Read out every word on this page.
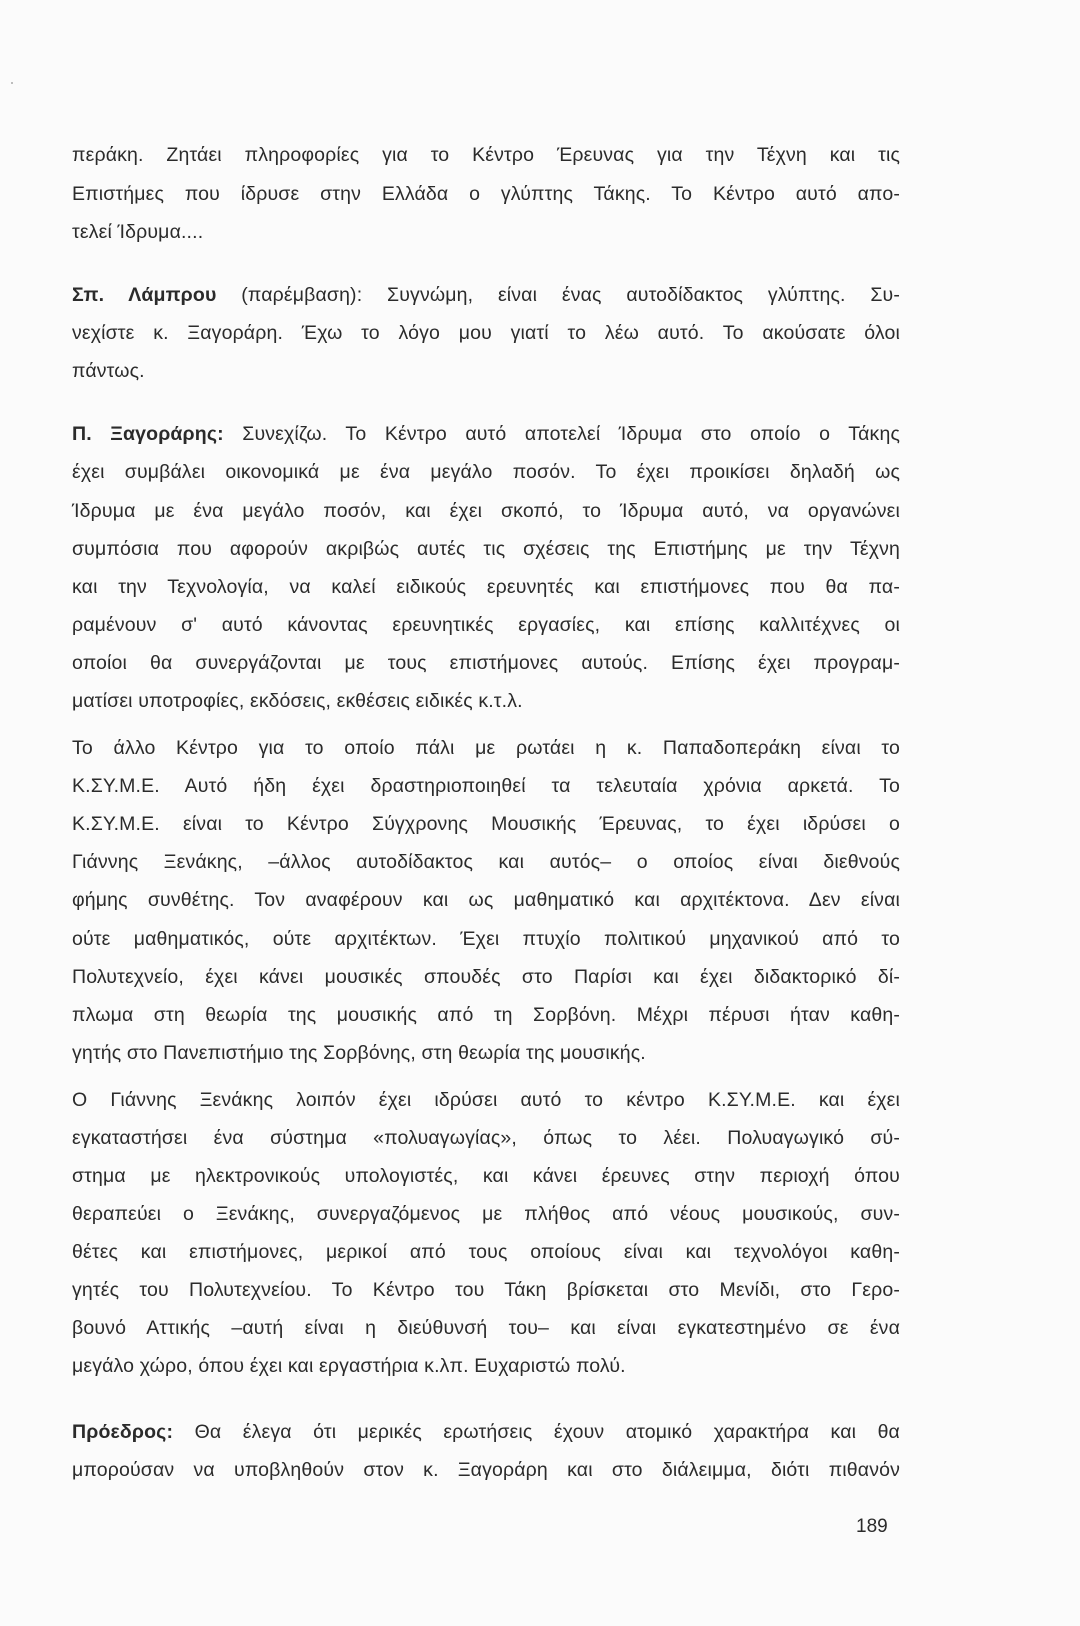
περάκη. Ζητάει πληροφορίες για το Κέντρο Έρευνας για την Τέχνη και τις
Επιστήμες που ίδρυσε στην Ελλάδα ο γλύπτης Τάκης. Το Κέντρο αυτό απο-
τελεί Ίδρυμα....
Σπ. Λάμπρου (παρέμβαση): Συγνώμη, είναι ένας αυτοδίδακτος γλύπτης. Συ-
νεχίστε κ. Ξαγοράρη. Έχω το λόγο μου γιατί το λέω αυτό. Το ακούσατε όλοι
πάντως.
Π. Ξαγοράρης: Συνεχίζω. Το Κέντρο αυτό αποτελεί Ίδρυμα στο οποίο ο Τάκης
έχει συμβάλει οικονομικά με ένα μεγάλο ποσόν. Το έχει προικίσει δηλαδή ως
Ίδρυμα με ένα μεγάλο ποσόν, και έχει σκοπό, το Ίδρυμα αυτό, να οργανώνει
συμπόσια που αφορούν ακριβώς αυτές τις σχέσεις της Επιστήμης με την Τέχνη
και την Τεχνολογία, να καλεί ειδικούς ερευνητές και επιστήμονες που θα πα-
ραμένουν σ' αυτό κάνοντας ερευνητικές εργασίες, και επίσης καλλιτέχνες οι
οποίοι θα συνεργάζονται με τους επιστήμονες αυτούς. Επίσης έχει προγραμ-
ματίσει υποτροφίες, εκδόσεις, εκθέσεις ειδικές κ.τ.λ.
Το άλλο Κέντρο για το οποίο πάλι με ρωτάει η κ. Παπαδοπεράκη είναι το
Κ.ΣΥ.Μ.Ε. Αυτό ήδη έχει δραστηριοποιηθεί τα τελευταία χρόνια αρκετά. Το
Κ.ΣΥ.Μ.Ε. είναι το Κέντρο Σύγχρονης Μουσικής Έρευνας, το έχει ιδρύσει ο
Γιάννης Ξενάκης, –άλλος αυτοδίδακτος και αυτός– ο οποίος είναι διεθνούς
φήμης συνθέτης. Τον αναφέρουν και ως μαθηματικό και αρχιτέκτονα. Δεν είναι
ούτε μαθηματικός, ούτε αρχιτέκτων. Έχει πτυχίο πολιτικού μηχανικού από το
Πολυτεχνείο, έχει κάνει μουσικές σπουδές στο Παρίσι και έχει διδακτορικό δί-
πλωμα στη θεωρία της μουσικής από τη Σορβόνη. Μέχρι πέρυσι ήταν καθη-
γητής στο Πανεπιστήμιο της Σορβόνης, στη θεωρία της μουσικής.
Ο Γιάννης Ξενάκης λοιπόν έχει ιδρύσει αυτό το κέντρο Κ.ΣΥ.Μ.Ε. και έχει
εγκαταστήσει ένα σύστημα «πολυαγωγίας», όπως το λέει. Πολυαγωγικό σύ-
στημα με ηλεκτρονικούς υπολογιστές, και κάνει έρευνες στην περιοχή όπου
θεραπεύει ο Ξενάκης, συνεργαζόμενος με πλήθος από νέους μουσικούς, συν-
θέτες και επιστήμονες, μερικοί από τους οποίους είναι και τεχνολόγοι καθη-
γητές του Πολυτεχνείου. Το Κέντρο του Τάκη βρίσκεται στο Μενίδι, στο Γερο-
βουνό Αττικής –αυτή είναι η διεύθυνσή του– και είναι εγκατεστημένο σε ένα
μεγάλο χώρο, όπου έχει και εργαστήρια κ.λπ. Ευχαριστώ πολύ.
Πρόεδρος: Θα έλεγα ότι μερικές ερωτήσεις έχουν ατομικό χαρακτήρα και θα
μπορούσαν να υποβληθούν στον κ. Ξαγοράρη και στο διάλειμμα, διότι πιθανόν
189
